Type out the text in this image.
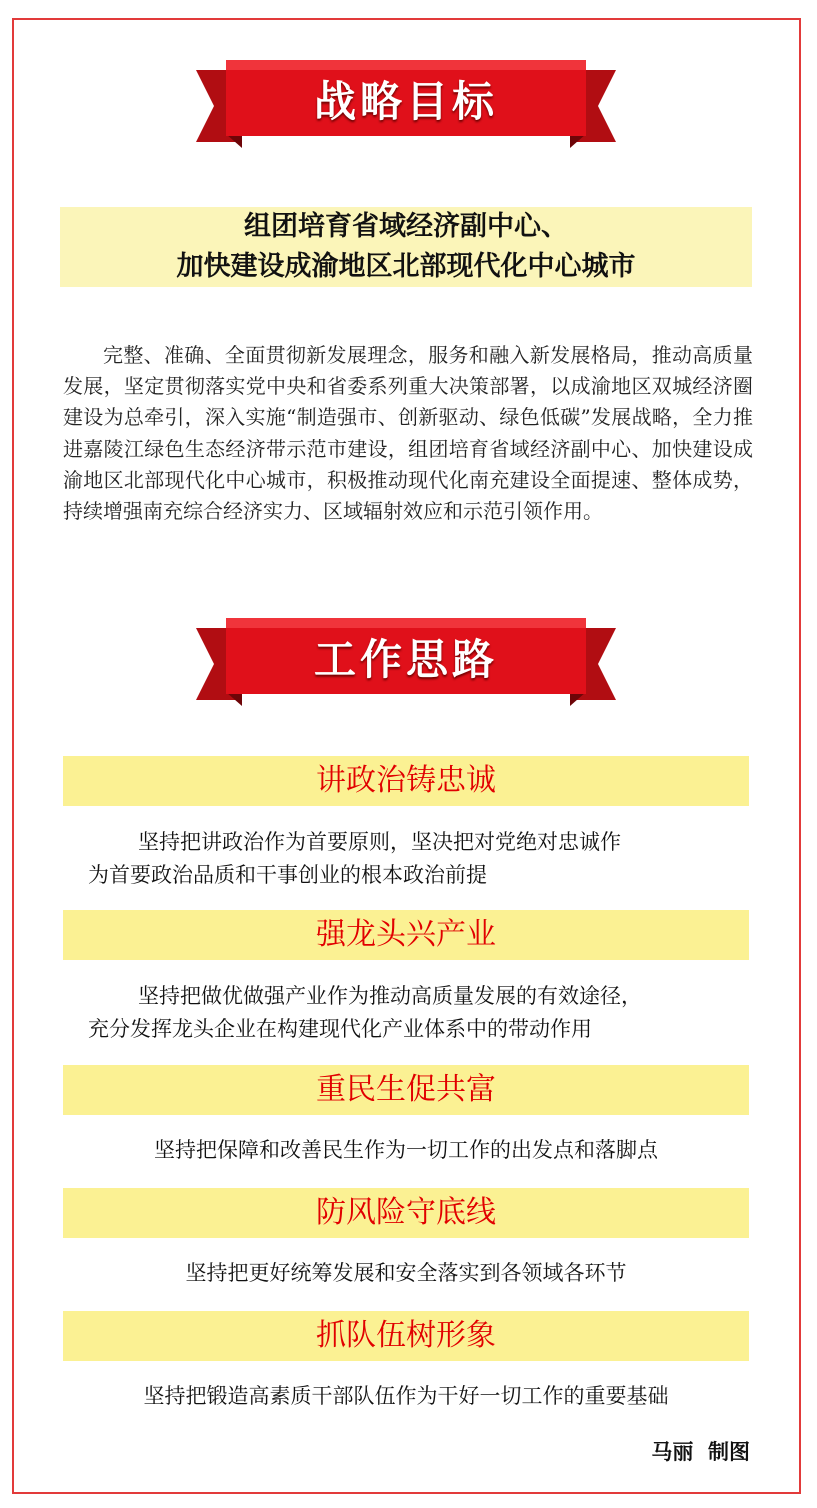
战略目标
组团培育省域经济副中心、
加快建设成渝地区北部现代化中心城市
完整、准确、全面贯彻新发展理念，服务和融入新发展格局，推动高质量发展，坚定贯彻落实党中央和省委系列重大决策部署，以成渝地区双城经济圈建设为总牵引，深入实施“制造强市、创新驱动、绿色低碳”发展战略，全力推进嘉陵江绿色生态经济带示范市建设，组团培育省域经济副中心、加快建设成渝地区北部现代化中心城市，积极推动现代化南充建设全面提速、整体成势，持续增强南充综合经济实力、区域辐射效应和示范引领作用。
工作思路
讲政治铸忠诚
坚持把讲政治作为首要原则，坚决把对党绝对忠诚作
为首要政治品质和干事创业的根本政治前提
强龙头兴产业
坚持把做优做强产业作为推动高质量发展的有效途径，
充分发挥龙头企业在构建现代化产业体系中的带动作用
重民生促共富
坚持把保障和改善民生作为一切工作的出发点和落脚点
防风险守底线
坚持把更好统筹发展和安全落实到各领域各环节
抓队伍树形象
坚持把锻造高素质干部队伍作为干好一切工作的重要基础
马丽  制图
